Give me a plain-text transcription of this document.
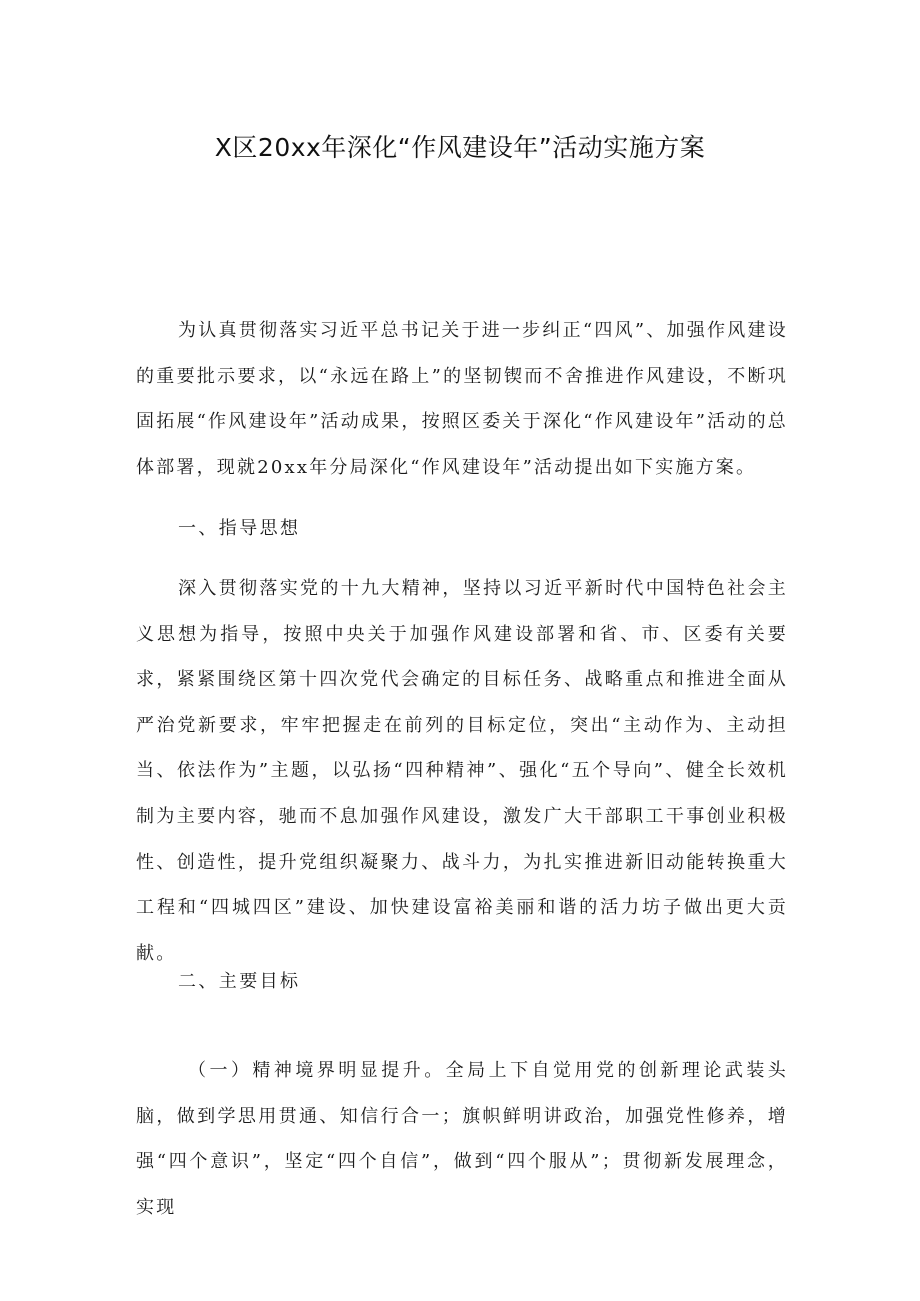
X区20xx年深化“作风建设年”活动实施方案

为认真贯彻落实习近平总书记关于进一步纠正“四风”、加强作风建设的重要批示要求，以“永远在路上”的坚韧锲而不舍推进作风建设，不断巩固拓展“作风建设年”活动成果，按照区委关于深化“作风建设年”活动的总体部署，现就20xx年分局深化“作风建设年”活动提出如下实施方案。

一、指导思想

深入贯彻落实党的十九大精神，坚持以习近平新时代中国特色社会主义思想为指导，按照中央关于加强作风建设部署和省、市、区委有关要求，紧紧围绕区第十四次党代会确定的目标任务、战略重点和推进全面从严治党新要求，牢牢把握走在前列的目标定位，突出“主动作为、主动担当、依法作为”主题，以弘扬“四种精神”、强化“五个导向”、健全长效机制为主要内容，驰而不息加强作风建设，激发广大干部职工干事创业积极性、创造性，提升党组织凝聚力、战斗力，为扎实推进新旧动能转换重大工程和“四城四区”建设、加快建设富裕美丽和谐的活力坊子做出更大贡献。

二、主要目标

（一）精神境界明显提升。全局上下自觉用党的创新理论武装头脑，做到学思用贯通、知信行合一；旗帜鲜明讲政治，加强党性修养，增强“四个意识”，坚定“四个自信”，做到“四个服从”；贯彻新发展理念，实现
